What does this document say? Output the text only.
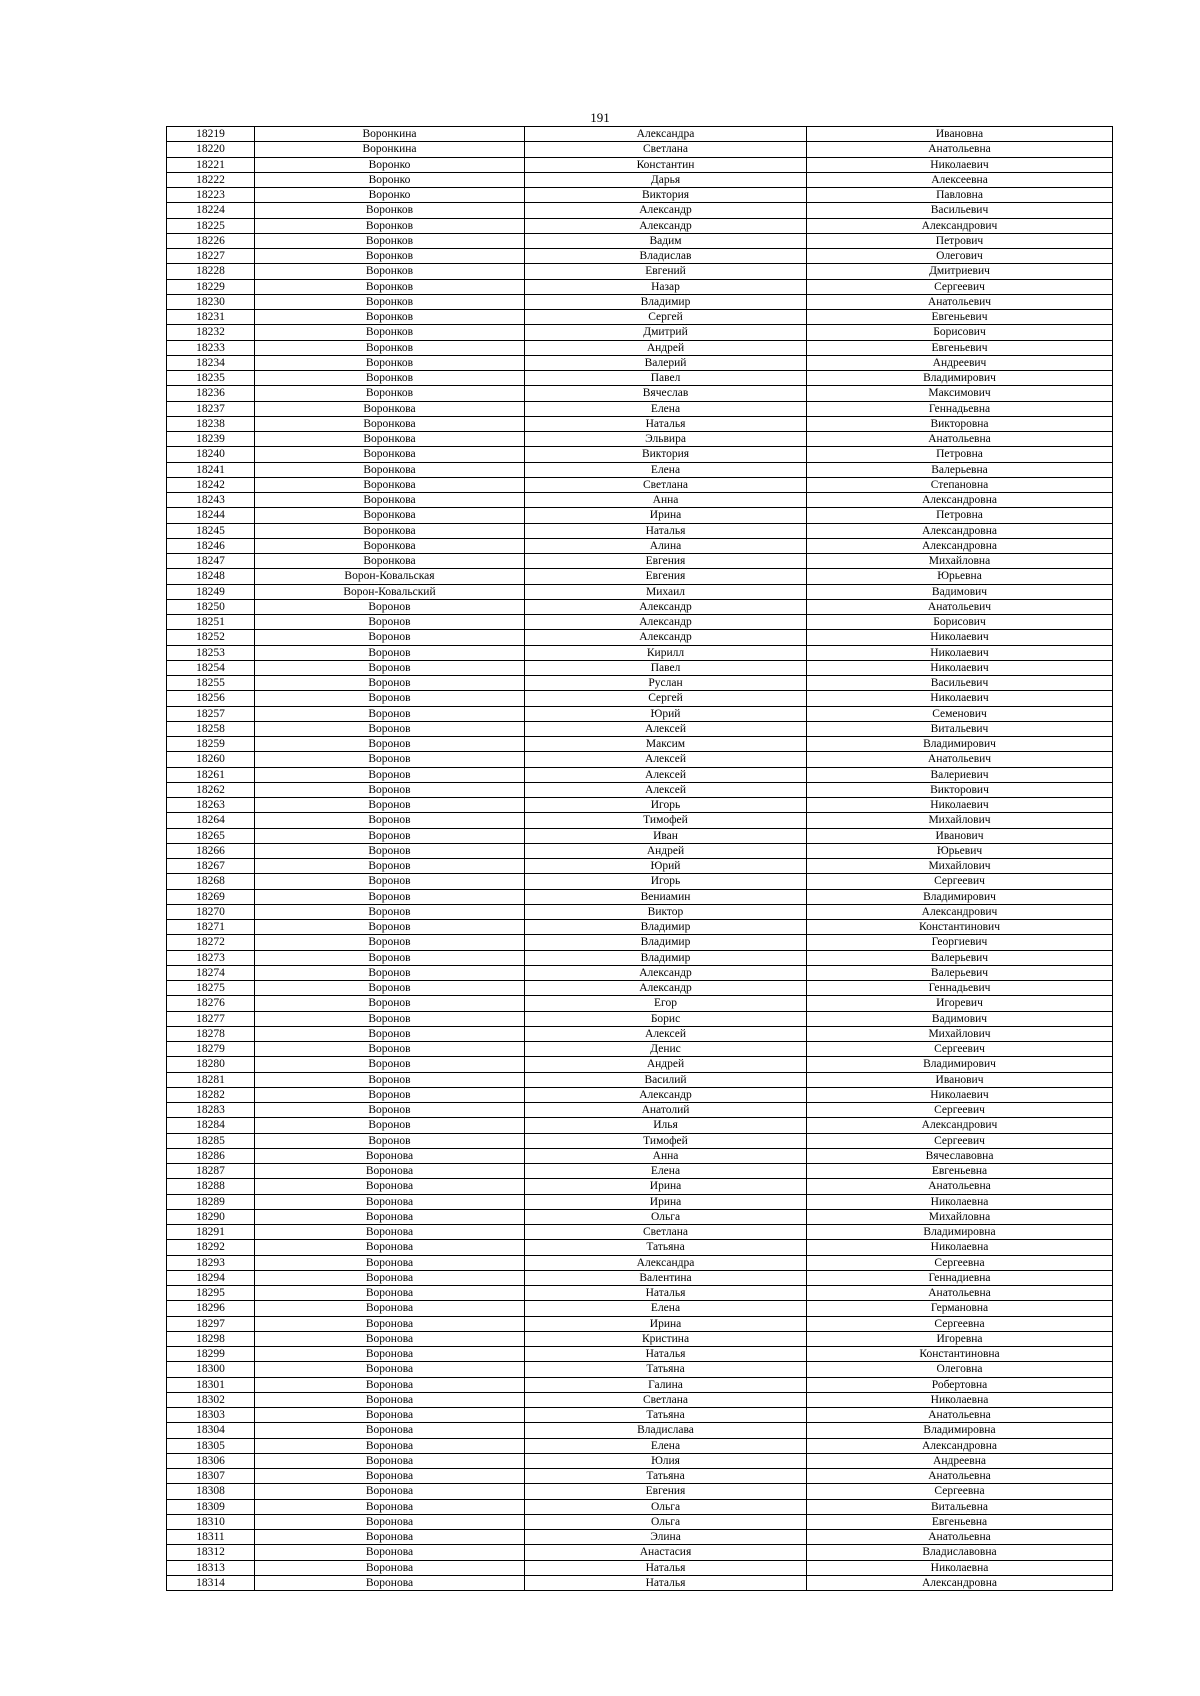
191
18219	Воронкина	Александра	Ивановна
18220	Воронкина	Светлана	Анатольевна
18221	Воронко	Константин	Николаевич
18222	Воронко	Дарья	Алексеевна
18223	Воронко	Виктория	Павловна
18224	Воронков	Александр	Васильевич
18225	Воронков	Александр	Александрович
18226	Воронков	Вадим	Петрович
18227	Воронков	Владислав	Олегович
18228	Воронков	Евгений	Дмитриевич
18229	Воронков	Назар	Сергеевич
18230	Воронков	Владимир	Анатольевич
18231	Воронков	Сергей	Евгеньевич
18232	Воронков	Дмитрий	Борисович
18233	Воронков	Андрей	Евгеньевич
18234	Воронков	Валерий	Андреевич
18235	Воронков	Павел	Владимирович
18236	Воронков	Вячеслав	Максимович
18237	Воронкова	Елена	Геннадьевна
18238	Воронкова	Наталья	Викторовна
18239	Воронкова	Эльвира	Анатольевна
18240	Воронкова	Виктория	Петровна
18241	Воронкова	Елена	Валерьевна
18242	Воронкова	Светлана	Степановна
18243	Воронкова	Анна	Александровна
18244	Воронкова	Ирина	Петровна
18245	Воронкова	Наталья	Александровна
18246	Воронкова	Алина	Александровна
18247	Воронкова	Евгения	Михайловна
18248	Ворон-Ковальская	Евгения	Юрьевна
18249	Ворон-Ковальский	Михаил	Вадимович
18250	Воронов	Александр	Анатольевич
18251	Воронов	Александр	Борисович
18252	Воронов	Александр	Николаевич
18253	Воронов	Кирилл	Николаевич
18254	Воронов	Павел	Николаевич
18255	Воронов	Руслан	Васильевич
18256	Воронов	Сергей	Николаевич
18257	Воронов	Юрий	Семенович
18258	Воронов	Алексей	Витальевич
18259	Воронов	Максим	Владимирович
18260	Воронов	Алексей	Анатольевич
18261	Воронов	Алексей	Валериевич
18262	Воронов	Алексей	Викторович
18263	Воронов	Игорь	Николаевич
18264	Воронов	Тимофей	Михайлович
18265	Воронов	Иван	Иванович
18266	Воронов	Андрей	Юрьевич
18267	Воронов	Юрий	Михайлович
18268	Воронов	Игорь	Сергеевич
18269	Воронов	Вениамин	Владимирович
18270	Воронов	Виктор	Александрович
18271	Воронов	Владимир	Константинович
18272	Воронов	Владимир	Георгиевич
18273	Воронов	Владимир	Валерьевич
18274	Воронов	Александр	Валерьевич
18275	Воронов	Александр	Геннадьевич
18276	Воронов	Егор	Игоревич
18277	Воронов	Борис	Вадимович
18278	Воронов	Алексей	Михайлович
18279	Воронов	Денис	Сергеевич
18280	Воронов	Андрей	Владимирович
18281	Воронов	Василий	Иванович
18282	Воронов	Александр	Николаевич
18283	Воронов	Анатолий	Сергеевич
18284	Воронов	Илья	Александрович
18285	Воронов	Тимофей	Сергеевич
18286	Воронова	Анна	Вячеславовна
18287	Воронова	Елена	Евгеньевна
18288	Воронова	Ирина	Анатольевна
18289	Воронова	Ирина	Николаевна
18290	Воронова	Ольга	Михайловна
18291	Воронова	Светлана	Владимировна
18292	Воронова	Татьяна	Николаевна
18293	Воронова	Александра	Сергеевна
18294	Воронова	Валентина	Геннадиевна
18295	Воронова	Наталья	Анатольевна
18296	Воронова	Елена	Германовна
18297	Воронова	Ирина	Сергеевна
18298	Воронова	Кристина	Игоревна
18299	Воронова	Наталья	Константиновна
18300	Воронова	Татьяна	Олеговна
18301	Воронова	Галина	Робертовна
18302	Воронова	Светлана	Николаевна
18303	Воронова	Татьяна	Анатольевна
18304	Воронова	Владислава	Владимировна
18305	Воронова	Елена	Александровна
18306	Воронова	Юлия	Андреевна
18307	Воронова	Татьяна	Анатольевна
18308	Воронова	Евгения	Сергеевна
18309	Воронова	Ольга	Витальевна
18310	Воронова	Ольга	Евгеньевна
18311	Воронова	Элина	Анатольевна
18312	Воронова	Анастасия	Владиславовна
18313	Воронова	Наталья	Николаевна
18314	Воронова	Наталья	Александровна
